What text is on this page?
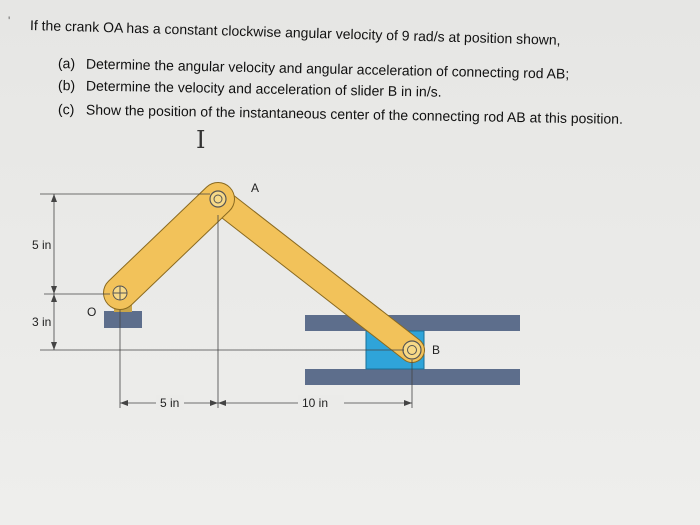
' If the crank OA has a constant clockwise angular velocity of 9 rad/s at position shown,
(a) Determine the angular velocity and angular acceleration of connecting rod AB;
(b) Determine the velocity and acceleration of slider B in in/s.
(c) Show the position of the instantaneous center of the connecting rod AB at this position.
I
A
O
B
5 in
3 in
5 in	10 in
